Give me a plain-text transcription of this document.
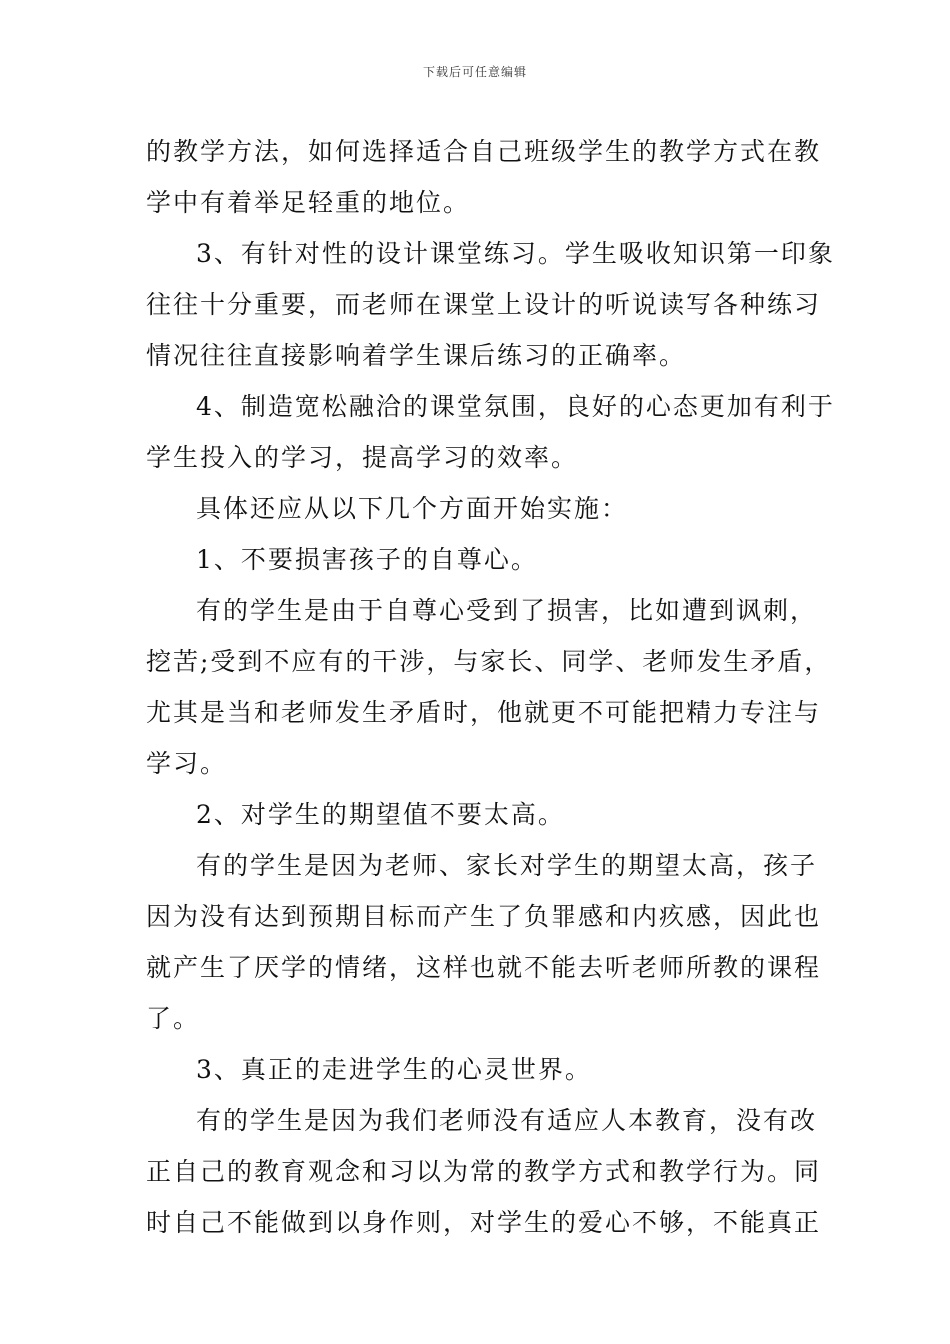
下载后可任意编辑
的教学方法，如何选择适合自己班级学生的教学方式在教
学中有着举足轻重的地位。
3、有针对性的设计课堂练习。学生吸收知识第一印象
往往十分重要，而老师在课堂上设计的听说读写各种练习
情况往往直接影响着学生课后练习的正确率。
4、制造宽松融洽的课堂氛围，良好的心态更加有利于
学生投入的学习，提高学习的效率。
具体还应从以下几个方面开始实施：
1、不要损害孩子的自尊心。
有的学生是由于自尊心受到了损害，比如遭到讽刺，
挖苦;受到不应有的干涉，与家长、同学、老师发生矛盾，
尤其是当和老师发生矛盾时，他就更不可能把精力专注与
学习。
2、对学生的期望值不要太高。
有的学生是因为老师、家长对学生的期望太高，孩子
因为没有达到预期目标而产生了负罪感和内疚感，因此也
就产生了厌学的情绪，这样也就不能去听老师所教的课程
了。
3、真正的走进学生的心灵世界。
有的学生是因为我们老师没有适应人本教育，没有改
正自己的教育观念和习以为常的教学方式和教学行为。同
时自己不能做到以身作则，对学生的爱心不够，不能真正
